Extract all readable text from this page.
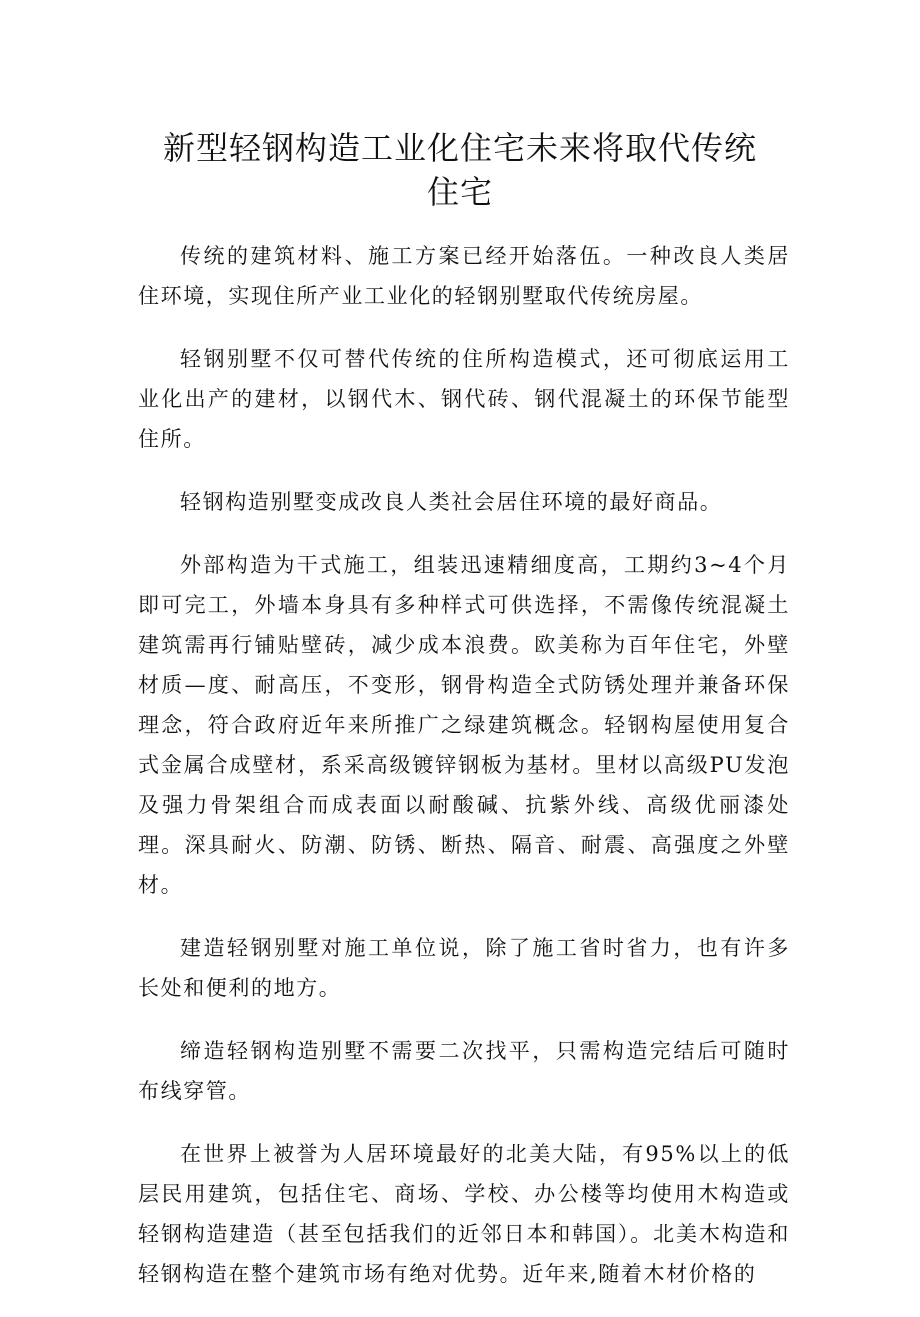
新型轻钢构造工业化住宅未来将取代传统
住宅

传统的建筑材料、施工方案已经开始落伍。一种改良人类居住环境，实现住所产业工业化的轻钢别墅取代传统房屋。

轻钢别墅不仅可替代传统的住所构造模式，还可彻底运用工业化出产的建材，以钢代木、钢代砖、钢代混凝土的环保节能型住所。

轻钢构造别墅变成改良人类社会居住环境的最好商品。

外部构造为干式施工，组装迅速精细度高，工期约3~4个月即可完工，外墙本身具有多种样式可供选择，不需像传统混凝土建筑需再行铺贴壁砖，减少成本浪费。欧美称为百年住宅，外壁材质—度、耐高压，不变形，钢骨构造全式防锈处理并兼备环保理念，符合政府近年来所推广之绿建筑概念。轻钢构屋使用复合式金属合成壁材，系采高级镀锌钢板为基材。里材以高级PU发泡及强力骨架组合而成表面以耐酸碱、抗紫外线、高级优丽漆处理。深具耐火、防潮、防锈、断热、隔音、耐震、高强度之外壁材。

建造轻钢别墅对施工单位说，除了施工省时省力，也有许多长处和便利的地方。

缔造轻钢构造别墅不需要二次找平，只需构造完结后可随时布线穿管。

在世界上被誉为人居环境最好的北美大陆，有95%以上的低层民用建筑，包括住宅、商场、学校、办公楼等均使用木构造或轻钢构造建造（甚至包括我们的近邻日本和韩国）。北美木构造和轻钢构造在整个建筑市场有绝对优势。近年来,随着木材价格的
